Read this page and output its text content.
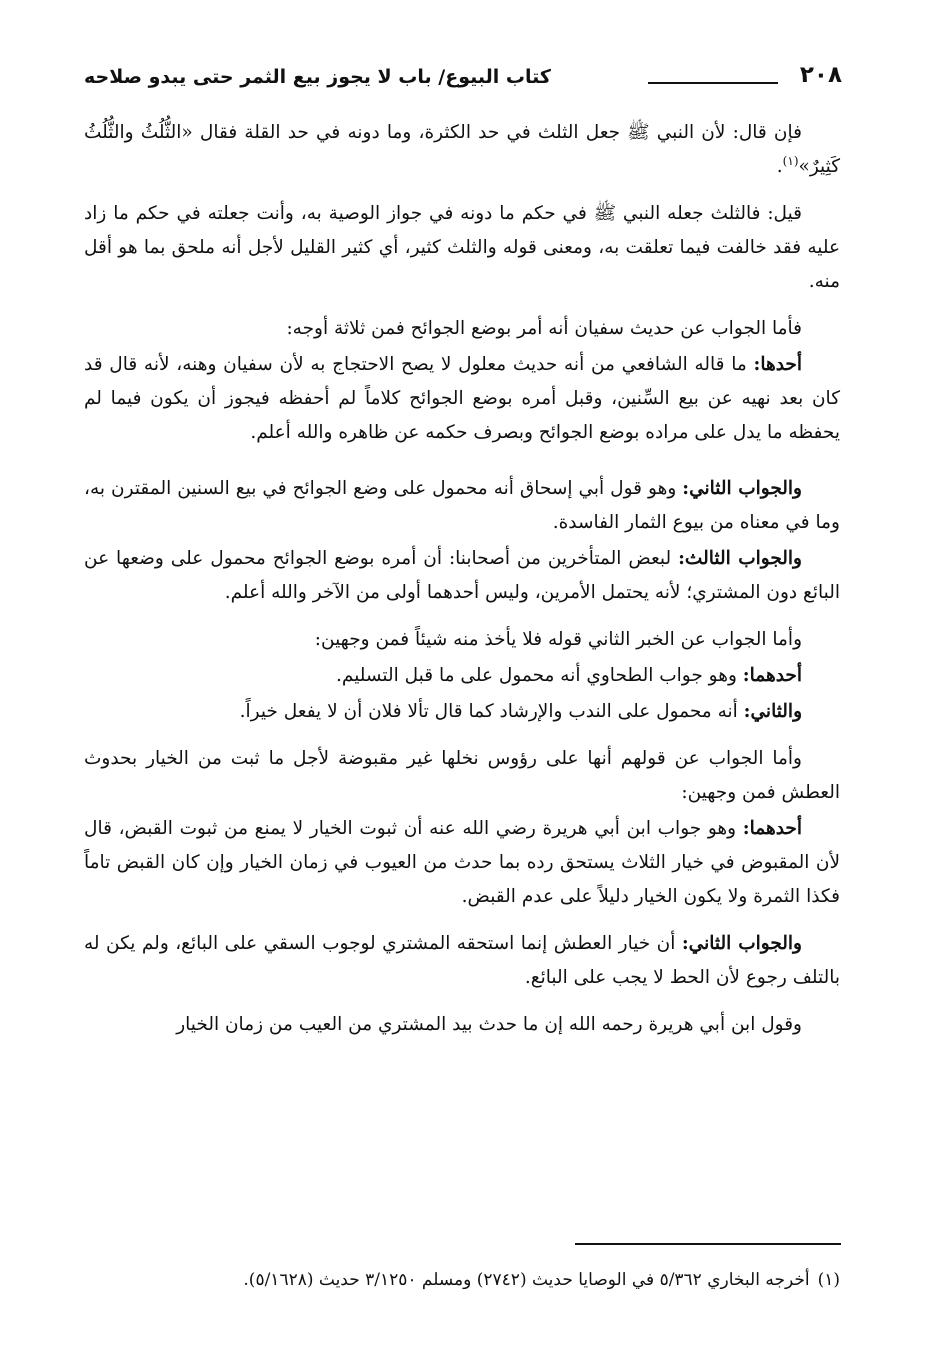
٢٠٨
كتاب البيوع/ باب لا يجوز بيع الثمر حتى يبدو صلاحه

فإن قال: لأن النبي ﷺ جعل الثلث في حد الكثرة، وما دونه في حد القلة فقال «الثُّلُثُ والثُّلُثُ كَثِيرٌ»$^{(١)}$.

قيل: فالثلث جعله النبي ﷺ في حكم ما دونه في جواز الوصية به، وأنت جعلته في حكم ما زاد عليه فقد خالفت فيما تعلقت به، ومعنى قوله والثلث كثير، أي كثير القليل لأجل أنه ملحق بما هو أقل منه.

فأما الجواب عن حديث سفيان أنه أمر بوضع الجوائح فمن ثلاثة أوجه:

أحدها: ما قاله الشافعي من أنه حديث معلول لا يصح الاحتجاج به لأن سفيان وهنه، لأنه قال قد كان بعد نهيه عن بيع السِّنين، وقبل أمره بوضع الجوائح كلاماً لم أحفظه فيجوز أن يكون فيما لم يحفظه ما يدل على مراده بوضع الجوائح وبصرف حكمه عن ظاهره والله أعلم.

والجواب الثاني: وهو قول أبي إسحاق أنه محمول على وضع الجوائح في بيع السنين المقترن به، وما في معناه من بيوع الثمار الفاسدة.

والجواب الثالث: لبعض المتأخرين من أصحابنا: أن أمره بوضع الجوائح محمول على وضعها عن البائع دون المشتري؛ لأنه يحتمل الأمرين، وليس أحدهما أولى من الآخر والله أعلم.

وأما الجواب عن الخبر الثاني قوله فلا يأخذ منه شيئاً فمن وجهين:

أحدهما: وهو جواب الطحاوي أنه محمول على ما قبل التسليم.

والثاني: أنه محمول على الندب والإرشاد كما قال تألا فلان أن لا يفعل خيراً.

وأما الجواب عن قولهم أنها على رؤوس نخلها غير مقبوضة لأجل ما ثبت من الخيار بحدوث العطش فمن وجهين:

أحدهما: وهو جواب ابن أبي هريرة رضي الله عنه أن ثبوت الخيار لا يمنع من ثبوت القبض، قال لأن المقبوض في خيار الثلاث يستحق رده بما حدث من العيوب في زمان الخيار وإن كان القبض تاماً فكذا الثمرة ولا يكون الخيار دليلاً على عدم القبض.

والجواب الثاني: أن خيار العطش إنما استحقه المشتري لوجوب السقي على البائع، ولم يكن له بالتلف رجوع لأن الحط لا يجب على البائع.

وقول ابن أبي هريرة رحمه الله إن ما حدث بيد المشتري من العيب من زمان الخيار

(١)أخرجه البخاري ٥/٣٦٢ في الوصايا حديث (٢٧٤٢) ومسلم ٣/١٢٥٠ حديث (٥/١٦٢٨).
